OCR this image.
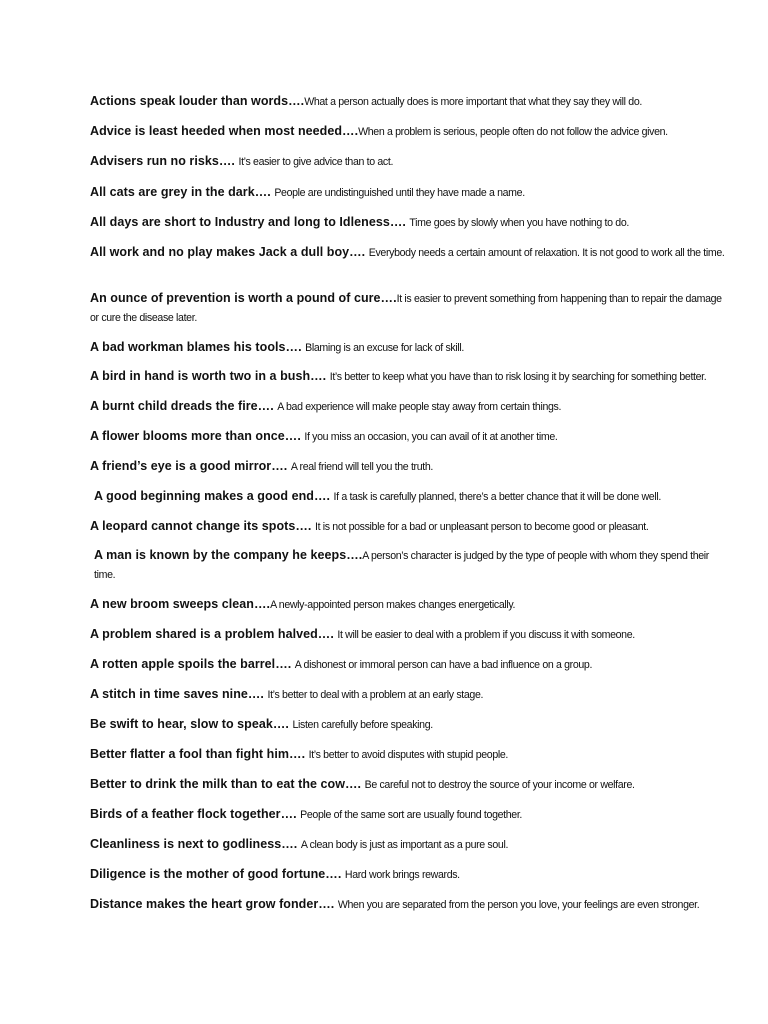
Actions speak louder than words….What a person actually does is more important that what they say they will do.
Advice is least heeded when most needed….When a problem is serious, people often do not follow the advice given.
Advisers run no risks…. It’s easier to give advice than to act.
All cats are grey in the dark…. People are undistinguished until they have made a name.
All days are short to Industry and long to Idleness…. Time goes by slowly when you have nothing to do.
All work and no play makes Jack a dull boy…. Everybody needs a certain amount of relaxation. It is not good to work all the time.
An ounce of prevention is worth a pound of cure….It is easier to prevent something from happening than to repair the damage or cure the disease later.
A bad workman blames his tools…. Blaming is an excuse for lack of skill.
A bird in hand is worth two in a bush…. It’s better to keep what you have than to risk losing it by searching for something better.
A burnt child dreads the fire…. A bad experience will make people stay away from certain things.
A flower blooms more than once…. If you miss an occasion, you can avail of it at another time.
A friend’s eye is a good mirror…. A real friend will tell you the truth.
A good beginning makes a good end…. If a task is carefully planned, there’s a better chance that it will be done well.
A leopard cannot change its spots…. It is not possible for a bad or unpleasant person to become good or pleasant.
A man is known by the company he keeps….A person’s character is judged by the type of people with whom they spend their time.
A new broom sweeps clean….A newly-appointed person makes changes energetically.
A problem shared is a problem halved…. It will be easier to deal with a problem if you discuss it with someone.
A rotten apple spoils the barrel…. A dishonest or immoral person can have a bad influence on a group.
A stitch in time saves nine…. It’s better to deal with a problem at an early stage.
Be swift to hear, slow to speak…. Listen carefully before speaking.
Better flatter a fool than fight him…. It’s better to avoid disputes with stupid people.
Better to drink the milk than to eat the cow…. Be careful not to destroy the source of your income or welfare.
Birds of a feather flock together…. People of the same sort are usually found together.
Cleanliness is next to godliness…. A clean body is just as important as a pure soul.
Diligence is the mother of good fortune…. Hard work brings rewards.
Distance makes the heart grow fonder…. When you are separated from the person you love, your feelings are even stronger.
